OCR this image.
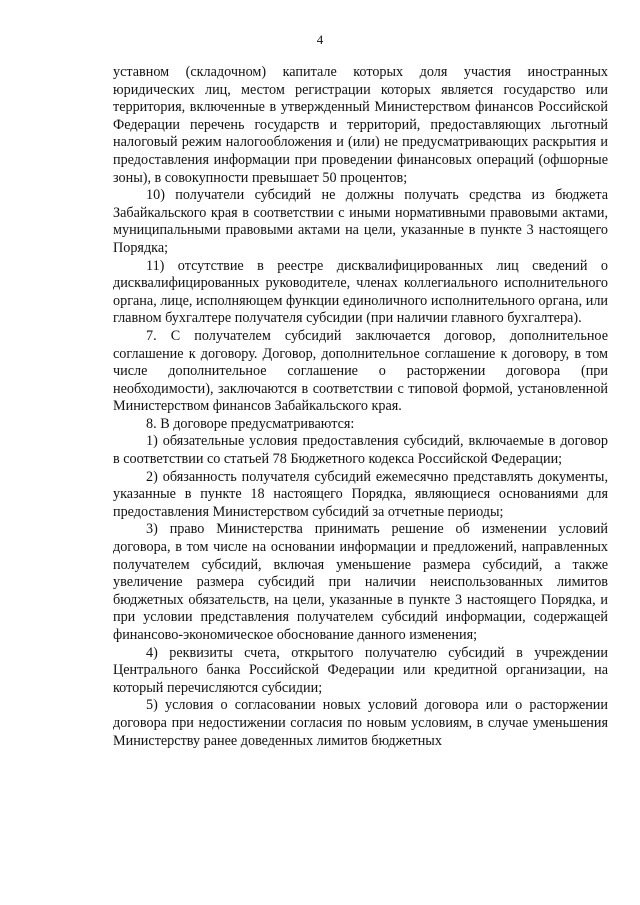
4

уставном (складочном) капитале которых доля участия иностранных юридических лиц, местом регистрации которых является государство или территория, включенные в утвержденный Министерством финансов Российской Федерации перечень государств и территорий, предоставляющих льготный налоговый режим налогообложения и (или) не предусматривающих раскрытия и предоставления информации при проведении финансовых операций (офшорные зоны), в совокупности превышает 50 процентов;

10) получатели субсидий не должны получать средства из бюджета Забайкальского края в соответствии с иными нормативными правовыми актами, муниципальными правовыми актами на цели, указанные в пункте 3 настоящего Порядка;

11) отсутствие в реестре дисквалифицированных лиц сведений о дисквалифицированных руководителе, членах коллегиального исполнительного органа, лице, исполняющем функции единоличного исполнительного органа, или главном бухгалтере получателя субсидии (при наличии главного бухгалтера).

7. С получателем субсидий заключается договор, дополнительное соглашение к договору. Договор, дополнительное соглашение к договору, в том числе дополнительное соглашение о расторжении договора (при необходимости), заключаются в соответствии с типовой формой, установленной Министерством финансов Забайкальского края.

8. В договоре предусматриваются:

1) обязательные условия предоставления субсидий, включаемые в договор в соответствии со статьей 78 Бюджетного кодекса Российской Федерации;

2) обязанность получателя субсидий ежемесячно представлять документы, указанные в пункте 18 настоящего Порядка, являющиеся основаниями для предоставления Министерством субсидий за отчетные периоды;

3) право Министерства принимать решение об изменении условий договора, в том числе на основании информации и предложений, направленных получателем субсидий, включая уменьшение размера субсидий, а также увеличение размера субсидий при наличии неиспользованных лимитов бюджетных обязательств, на цели, указанные в пункте 3 настоящего Порядка, и при условии представления получателем субсидий информации, содержащей финансово-экономическое обоснование данного изменения;

4) реквизиты счета, открытого получателю субсидий в учреждении Центрального банка Российской Федерации или кредитной организации, на который перечисляются субсидии;

5) условия о согласовании новых условий договора или о расторжении договора при недостижении согласия по новым условиям, в случае уменьшения Министерству ранее доведенных лимитов бюджетных
